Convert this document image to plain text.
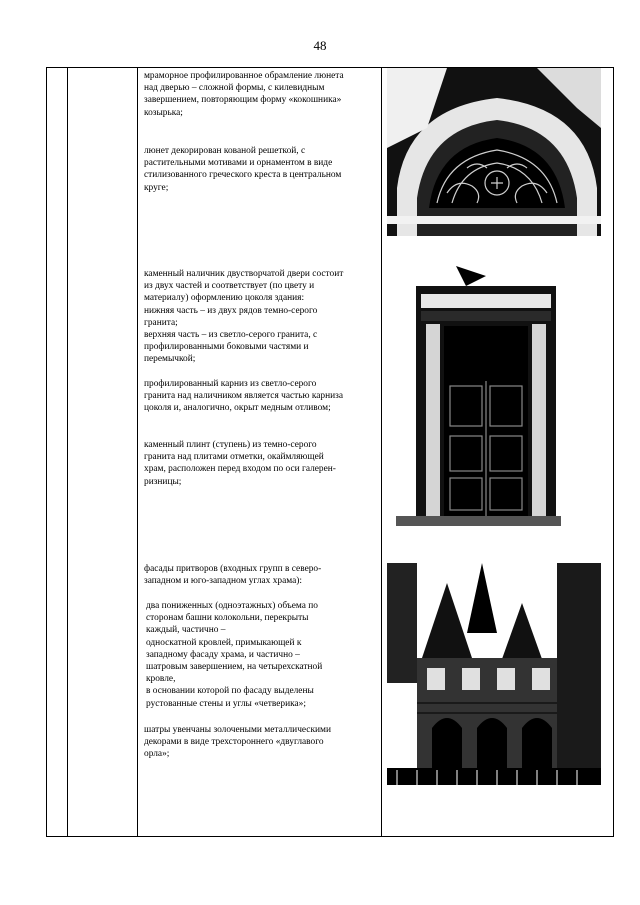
48
мраморное профилированное обрамление люнета
над дверью – сложной формы, с килевидным
завершением, повторяющим форму «кокошника»
козырька;
люнет декорирован кованой решеткой, с
растительными мотивами и орнаментом в виде
стилизованного греческого креста в центральном
круге;
каменный наличник двустворчатой двери состоит
из двух частей и соответствует (по цвету и
материалу) оформлению цоколя здания:
нижняя часть – из двух рядов темно-серого
гранита;
верхняя часть – из светло-серого гранита, с
профилированными боковыми частями и
перемычкой;
профилированный карниз из светло-серого
гранита над наличником является частью карниза
цоколя и, аналогично, окрыт медным отливом;
каменный плинт (ступень) из темно-серого
гранита над плитами отметки, окаймляющей
храм, расположен перед входом по оси галерен-
ризницы;
фасады притворов (входных групп в северо-
западном и юго-западном углах храма):
два пониженных (одноэтажных) объема по
сторонам башни колокольни, перекрыты
каждый, частично –
односкатной кровлей, примыкающей к
западному фасаду храма, и частично –
шатровым завершением, на четырехскатной
кровле,
в основании которой по фасаду выделены
рустованные стены и углы «четверика»;
шатры увенчаны золочеными металлическими
декорами в виде трехстороннего «двуглавого
орла»;
